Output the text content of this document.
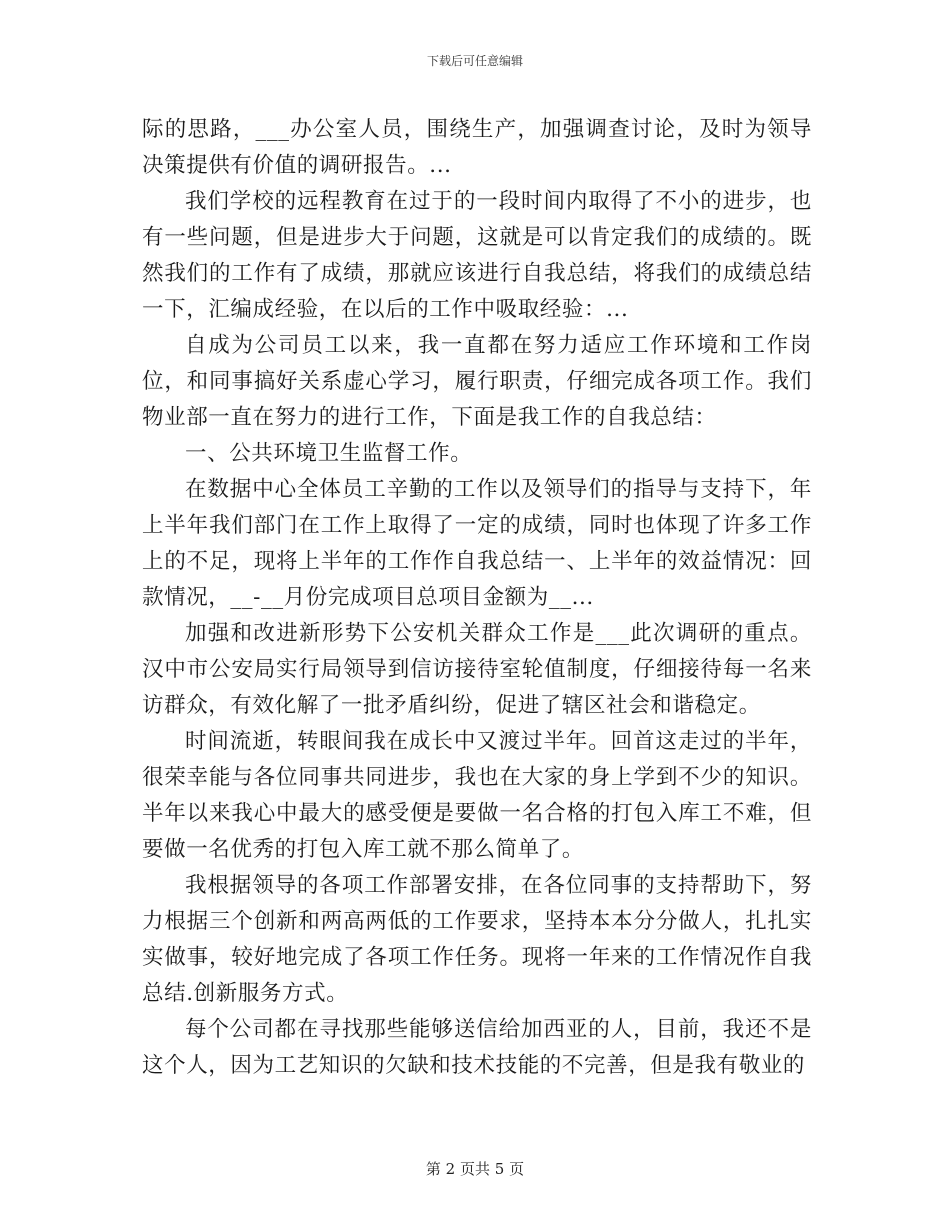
下载后可任意编辑

际的思路，___办公室人员，围绕生产，加强调查讨论，及时为领导决策提供有价值的调研报告。...

我们学校的远程教育在过于的一段时间内取得了不小的进步，也有一些问题，但是进步大于问题，这就是可以肯定我们的成绩的。既然我们的工作有了成绩，那就应该进行自我总结，将我们的成绩总结一下，汇编成经验，在以后的工作中吸取经验：...

自成为公司员工以来，我一直都在努力适应工作环境和工作岗位，和同事搞好关系虚心学习，履行职责，仔细完成各项工作。我们物业部一直在努力的进行工作，下面是我工作的自我总结：

一、公共环境卫生监督工作。

在数据中心全体员工辛勤的工作以及领导们的指导与支持下，年上半年我们部门在工作上取得了一定的成绩，同时也体现了许多工作上的不足，现将上半年的工作作自我总结一、上半年的效益情况：回款情况，__-__月份完成项目总项目金额为__...

加强和改进新形势下公安机关群众工作是___此次调研的重点。汉中市公安局实行局领导到信访接待室轮值制度，仔细接待每一名来访群众，有效化解了一批矛盾纠纷，促进了辖区社会和谐稳定。

时间流逝，转眼间我在成长中又渡过半年。回首这走过的半年，很荣幸能与各位同事共同进步，我也在大家的身上学到不少的知识。半年以来我心中最大的感受便是要做一名合格的打包入库工不难，但要做一名优秀的打包入库工就不那么简单了。

我根据领导的各项工作部署安排，在各位同事的支持帮助下，努力根据三个创新和两高两低的工作要求，坚持本本分分做人，扎扎实实做事，较好地完成了各项工作任务。现将一年来的工作情况作自我总结.创新服务方式。

每个公司都在寻找那些能够送信给加西亚的人，目前，我还不是这个人，因为工艺知识的欠缺和技术技能的不完善，但是我有敬业的

第 2 页共 5 页
